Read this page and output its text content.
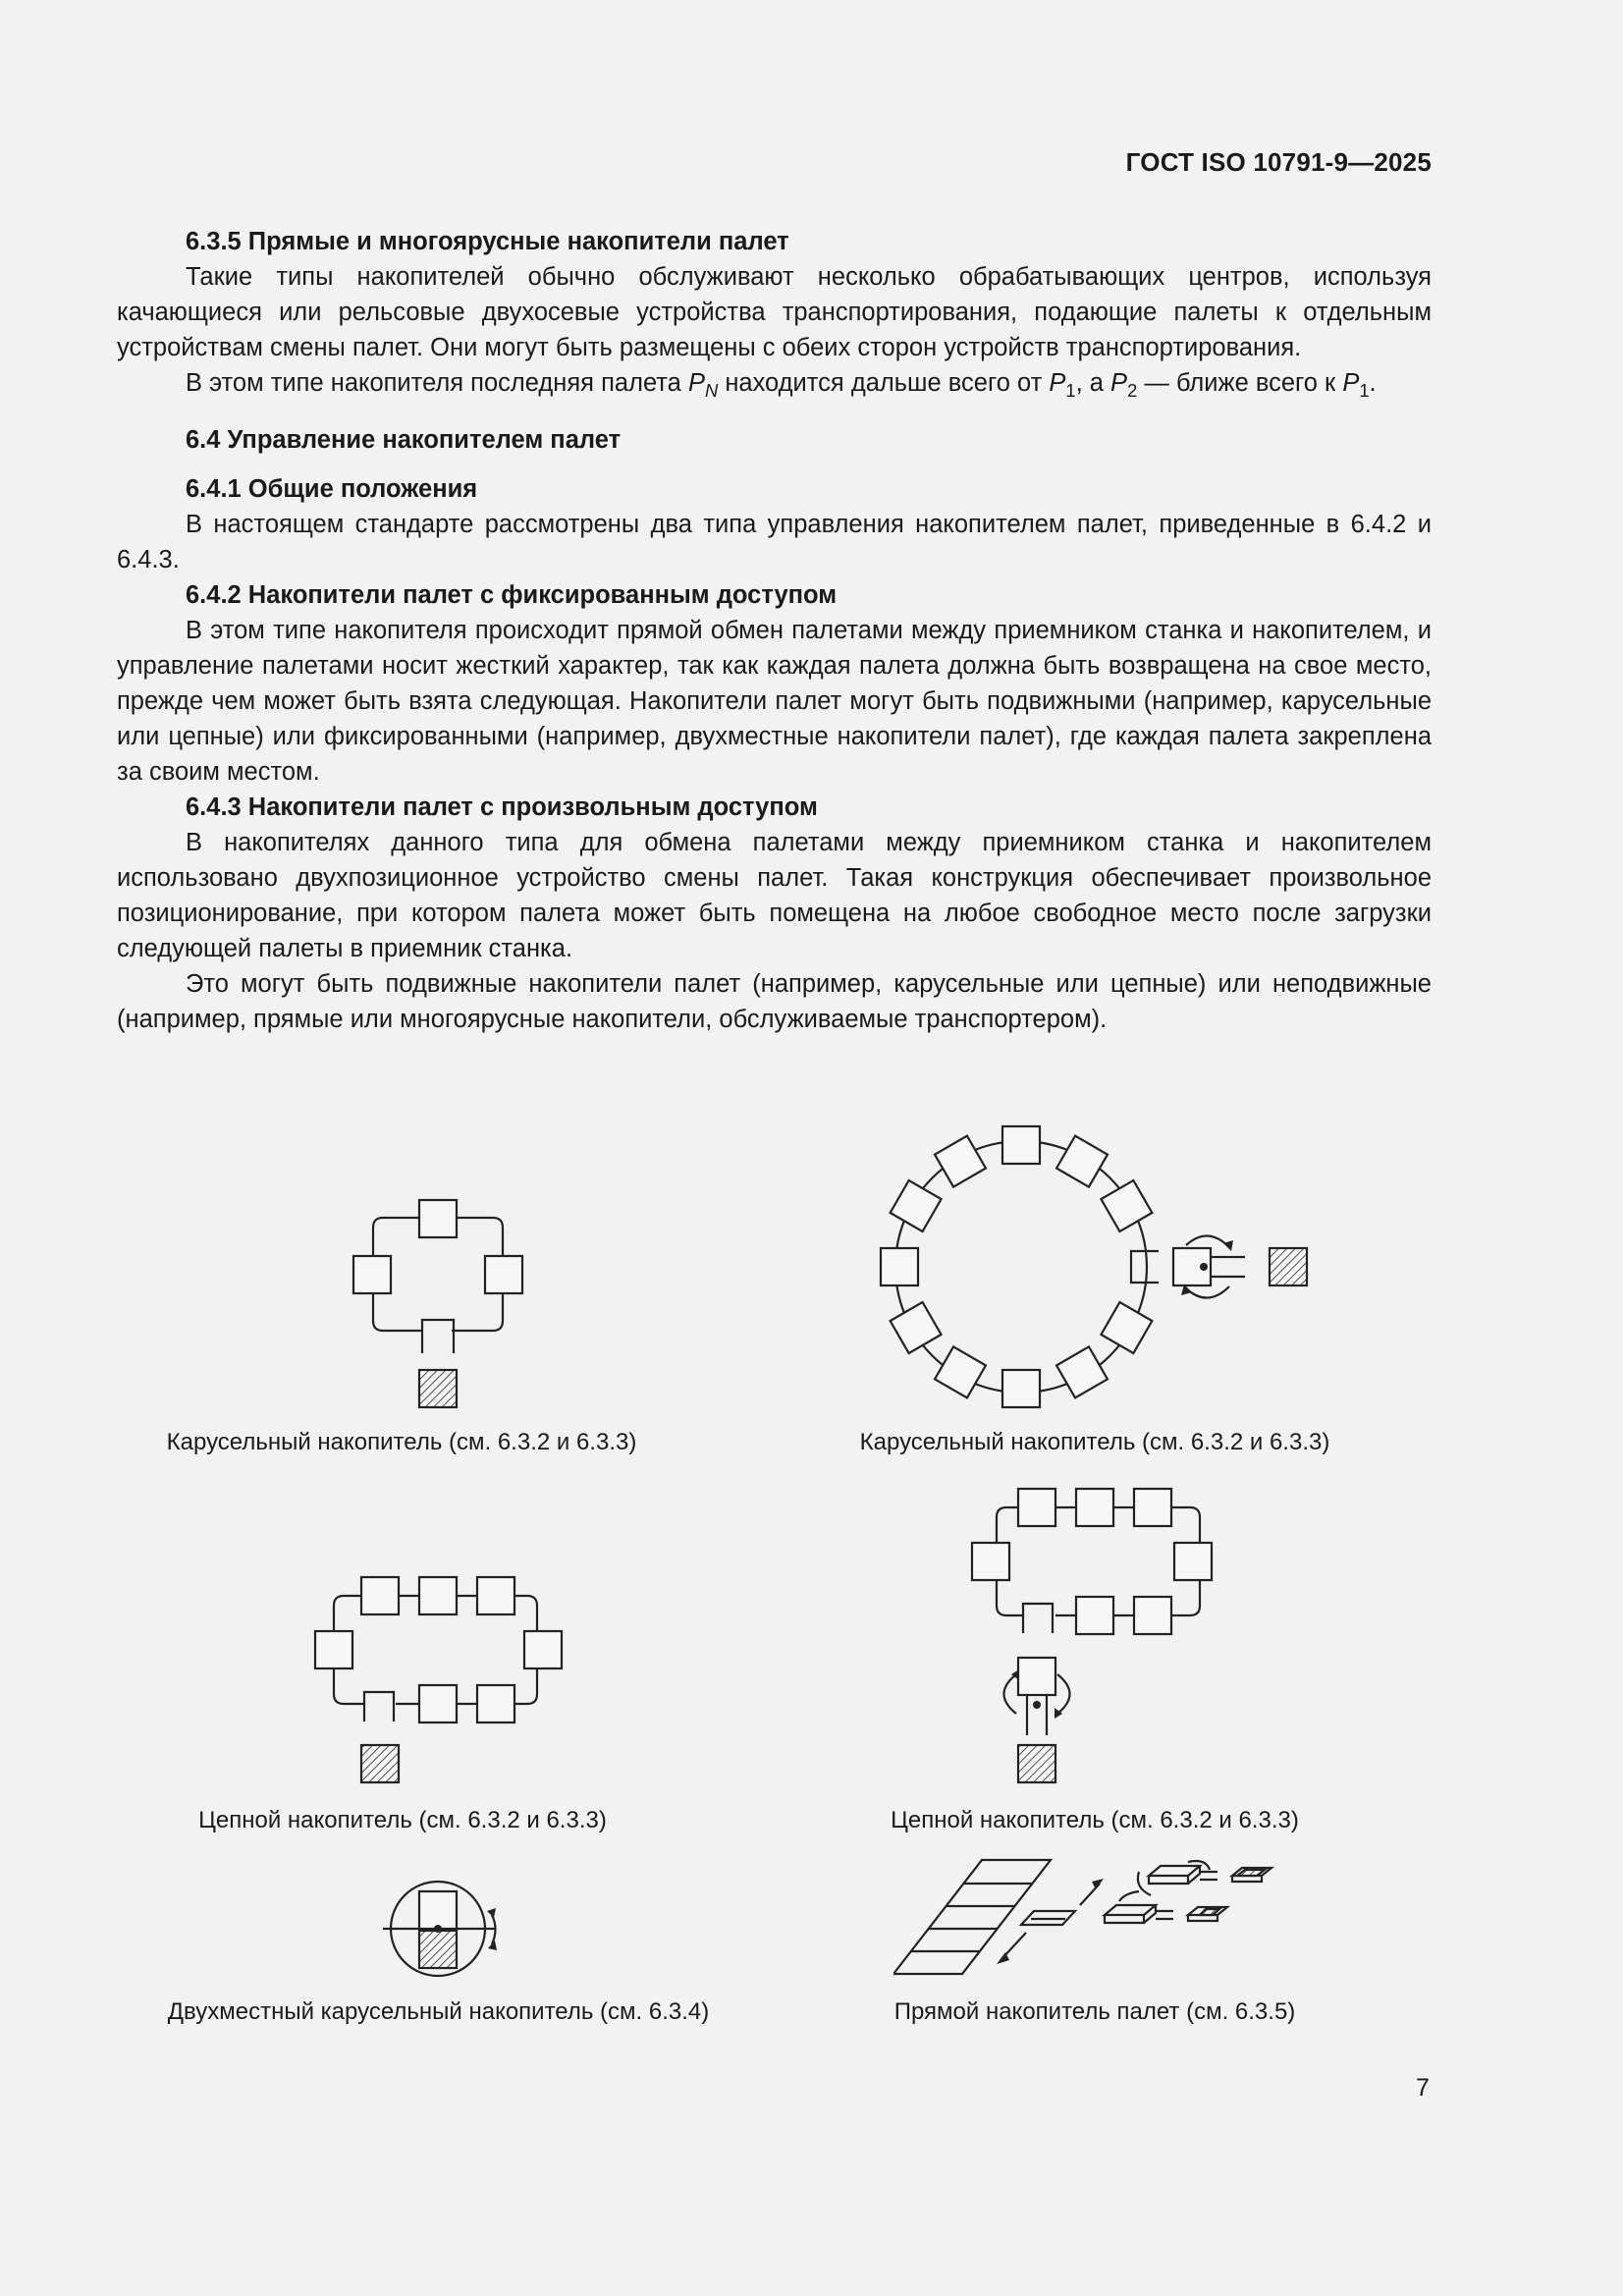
ГОСТ ISO 10791-9—2025

6.3.5 Прямые и многоярусные накопители палет

Такие типы накопителей обычно обслуживают несколько обрабатывающих центров, используя качающиеся или рельсовые двухосевые устройства транспортирования, подающие палеты к отдельным устройствам смены палет. Они могут быть размещены с обеих сторон устройств транспортирования.

В этом типе накопителя последняя палета $P_N$ находится дальше всего от $P_1$, а $P_2$ — ближе всего к $P_1$.

6.4 Управление накопителем палет

6.4.1 Общие положения

В настоящем стандарте рассмотрены два типа управления накопителем палет, приведенные в 6.4.2 и 6.4.3.

6.4.2 Накопители палет с фиксированным доступом

В этом типе накопителя происходит прямой обмен палетами между приемником станка и накопителем, и управление палетами носит жесткий характер, так как каждая палета должна быть возвращена на свое место, прежде чем может быть взята следующая. Накопители палет могут быть подвижными (например, карусельные или цепные) или фиксированными (например, двухместные накопители палет), где каждая палета закреплена за своим местом.

6.4.3 Накопители палет с произвольным доступом

В накопителях данного типа для обмена палетами между приемником станка и накопителем использовано двухпозиционное устройство смены палет. Такая конструкция обеспечивает произвольное позиционирование, при котором палета может быть помещена на любое свободное место после загрузки следующей палеты в приемник станка.

Это могут быть подвижные накопители палет (например, карусельные или цепные) или неподвижные (например, прямые или многоярусные накопители, обслуживаемые транспортером).

Карусельный накопитель (см. 6.3.2 и 6.3.3)	Карусельный накопитель (см. 6.3.2 и 6.3.3)
Цепной накопитель (см. 6.3.2 и 6.3.3)	Цепной накопитель (см. 6.3.2 и 6.3.3)
Двухместный карусельный накопитель (см. 6.3.4)	Прямой накопитель палет (см. 6.3.5)
7
